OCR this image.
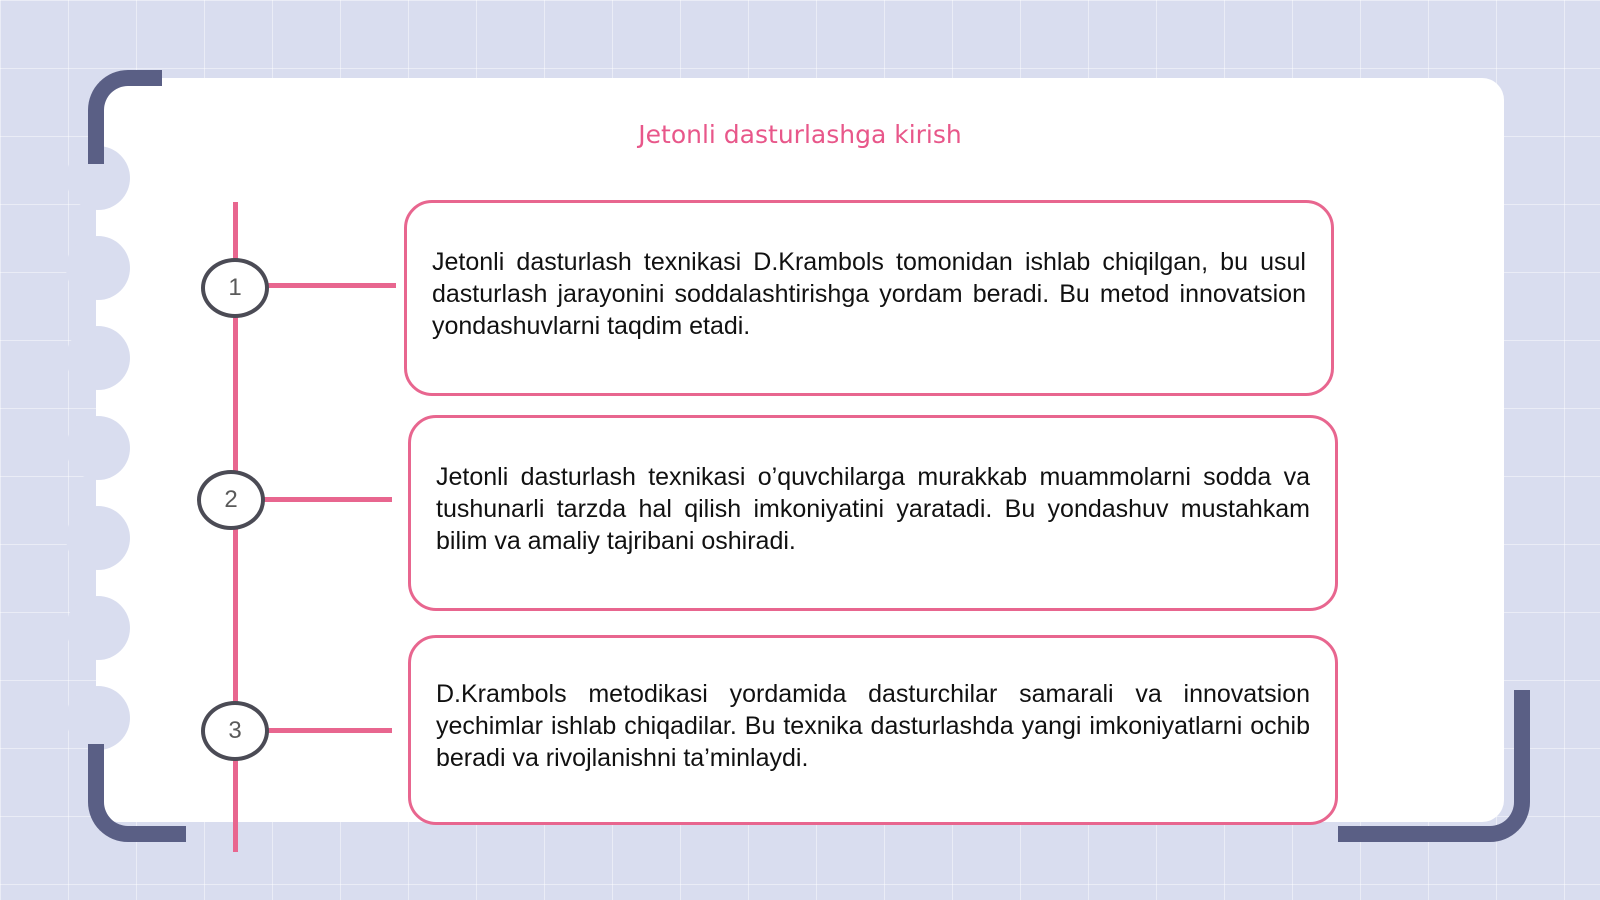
Jetonli dasturlashga kirish
1
2
3

Jetonli dasturlash texnikasi D.Krambols tomonidan ishlab chiqilgan, bu usul dasturlash jarayonini soddalashtirishga yordam beradi. Bu metod innovatsion yondashuvlarni taqdim etadi.

Jetonli dasturlash texnikasi o’quvchilarga murakkab muammolarni sodda va tushunarli tarzda hal qilish imkoniyatini yaratadi. Bu yondashuv mustahkam bilim va amaliy tajribani oshiradi.

D.Krambols metodikasi yordamida dasturchilar samarali va innovatsion yechimlar ishlab chiqadilar. Bu texnika dasturlashda yangi imkoniyatlarni ochib beradi va rivojlanishni ta’minlaydi.
